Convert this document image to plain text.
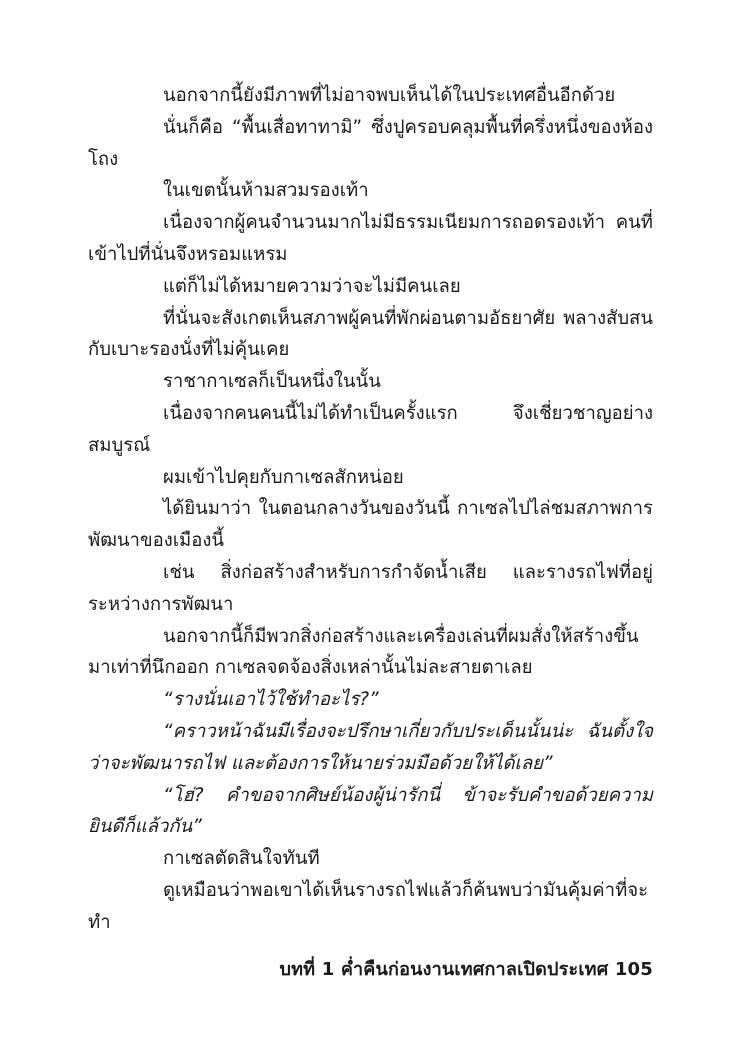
นอกจากนี้ยังมีภาพที่ไม่อาจพบเห็นได้ในประเทศอื่นอีกด้วย

นั่นก็คือ “พื้นเสื่อทาทามิ” ซึ่งปูครอบคลุมพื้นที่ครึ่งหนึ่งของห้องโถง

ในเขตนั้นห้ามสวมรองเท้า

เนื่องจากผู้คนจำนวนมากไม่มีธรรมเนียมการถอดรองเท้า คนที่เข้าไปที่นั่นจึงหรอมแหรม

แต่ก็ไม่ได้หมายความว่าจะไม่มีคนเลย

ที่นั่นจะสังเกตเห็นสภาพผู้คนที่พักผ่อนตามอัธยาศัย พลางสับสนกับเบาะรองนั่งที่ไม่คุ้นเคย

ราชากาเซลก็เป็นหนึ่งในนั้น

เนื่องจากคนคนนี้ไม่ได้ทำเป็นครั้งแรก จึงเชี่ยวชาญอย่างสมบูรณ์

ผมเข้าไปคุยกับกาเซลสักหน่อย

ได้ยินมาว่า ในตอนกลางวันของวันนี้ กาเซลไปไล่ชมสภาพการพัฒนาของเมืองนี้

เช่น สิ่งก่อสร้างสำหรับการกำจัดน้ำเสีย และรางรถไฟที่อยู่ระหว่างการพัฒนา

นอกจากนี้ก็มีพวกสิ่งก่อสร้างและเครื่องเล่นที่ผมสั่งให้สร้างขึ้นมาเท่าที่นึกออก กาเซลจดจ้องสิ่งเหล่านั้นไม่ละสายตาเลย

“รางนั่นเอาไว้ใช้ทำอะไร?”

“คราวหน้าฉันมีเรื่องจะปรึกษาเกี่ยวกับประเด็นนั้นน่ะ ฉันตั้งใจว่าจะพัฒนารถไฟ และต้องการให้นายร่วมมือด้วยให้ได้เลย”

“โฮ่? คำขอจากศิษย์น้องผู้น่ารักนี่ ข้าจะรับคำขอด้วยความยินดีก็แล้วกัน”

กาเซลตัดสินใจทันที

ดูเหมือนว่าพอเขาได้เห็นรางรถไฟแล้วก็ค้นพบว่ามันคุ้มค่าที่จะทำ

บทที่ 1 ค่ำคืนก่อนงานเทศกาลเปิดประเทศ 105
